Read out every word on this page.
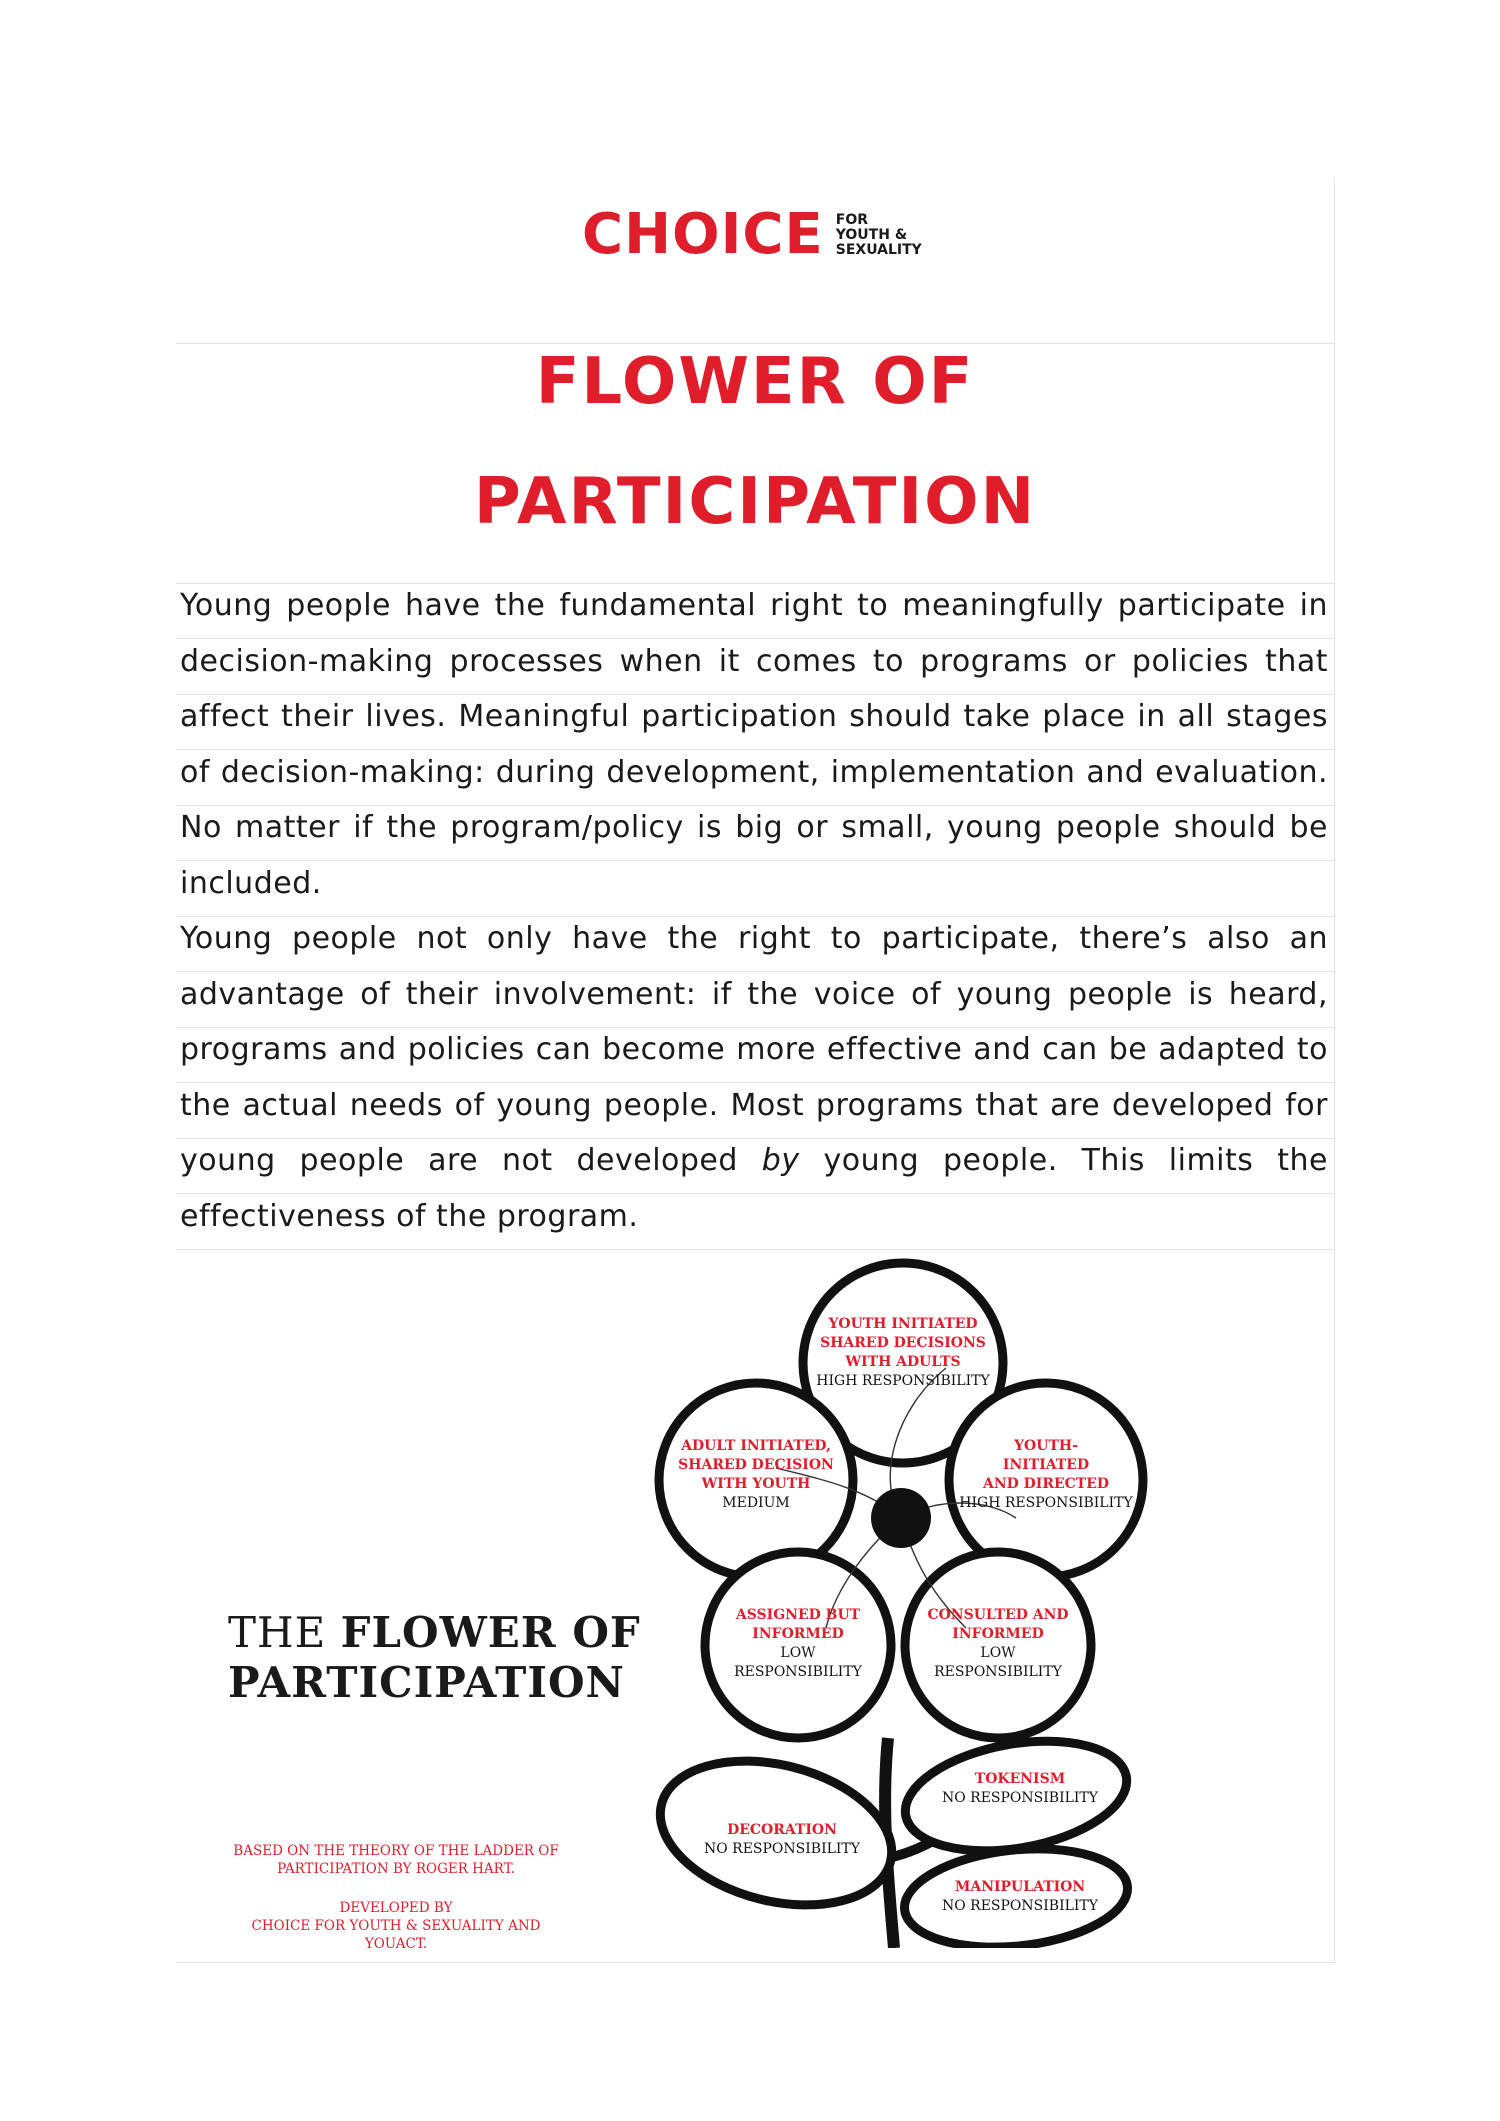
CHOICE FOR
YOUTH &
SEXUALITY
FLOWER OF
PARTICIPATION

Young people have the fundamental right to meaningfully participate in decision-making processes when it comes to programs or policies that affect their lives. Meaningful participation should take place in all stages of decision-making: during development, implementation and evaluation. No matter if the program/policy is big or small, young people should be included.

Young people not only have the right to participate, there’s also an advantage of their involvement: if the voice of young people is heard, programs and policies can become more effective and can be adapted to the actual needs of young people. Most programs that are developed for young people are not developed by young people. This limits the effectiveness of the program.

THE FLOWER OF
PARTICIPATION
BASED ON THE THEORY OF THE LADDER OF
PARTICIPATION BY ROGER HART.
DEVELOPED BY
CHOICE FOR YOUTH & SEXUALITY AND YOUACT.
YOUTH INITIATED
SHARED DECISIONS
WITH ADULTS
HIGH RESPONSIBILITY
ADULT INITIATED,
SHARED DECISION
WITH YOUTH
MEDIUM
YOUTH-
INITIATED
AND DIRECTED
HIGH RESPONSIBILITY
ASSIGNED BUT
INFORMED
LOW
RESPONSIBILITY
CONSULTED AND
INFORMED
LOW
RESPONSIBILITY
TOKENISM
NO RESPONSIBILITY
DECORATION
NO RESPONSIBILITY
MANIPULATION
NO RESPONSIBILITY
